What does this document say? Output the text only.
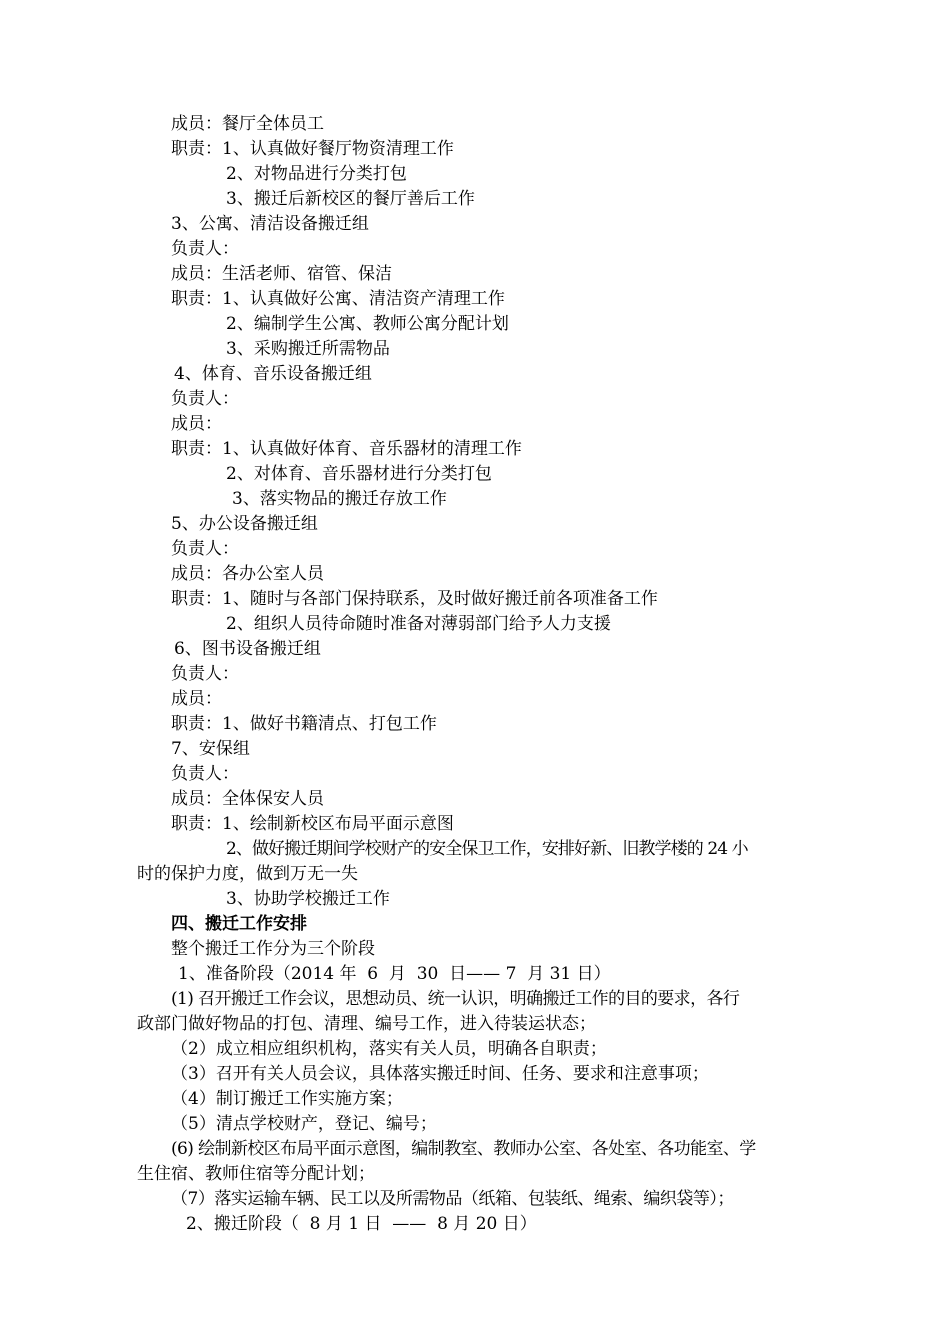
成员：餐厅全体员工
职责：1、认真做好餐厅物资清理工作
2、对物品进行分类打包
3、搬迁后新校区的餐厅善后工作
3、公寓、清洁设备搬迁组
负责人：
成员：生活老师、宿管、保洁
职责：1、认真做好公寓、清洁资产清理工作
2、编制学生公寓、教师公寓分配计划
3、采购搬迁所需物品
4、体育、音乐设备搬迁组
负责人：
成员：
职责：1、认真做好体育、音乐器材的清理工作
2、对体育、音乐器材进行分类打包
3、落实物品的搬迁存放工作
5、办公设备搬迁组
负责人：
成员：各办公室人员
职责：1、随时与各部门保持联系，及时做好搬迁前各项准备工作
2、组织人员待命随时准备对薄弱部门给予人力支援
6、图书设备搬迁组
负责人：
成员：
职责：1、做好书籍清点、打包工作
7、安保组
负责人：
成员：全体保安人员
职责：1、绘制新校区布局平面示意图
2、做好搬迁期间学校财产的安全保卫工作，安排好新、旧教学楼的 24 小
时的保护力度，做到万无一失
3、协助学校搬迁工作
四、搬迁工作安排
整个搬迁工作分为三个阶段
1、准备阶段（2014 年  6  月  30  日—— 7  月 31 日）
(1) 召开搬迁工作会议，思想动员、统一认识，明确搬迁工作的目的要求，各行
政部门做好物品的打包、清理、编号工作，进入待装运状态；
（2）成立相应组织机构，落实有关人员，明确各自职责；
（3）召开有关人员会议，具体落实搬迁时间、任务、要求和注意事项；
（4）制订搬迁工作实施方案；
（5）清点学校财产，登记、编号；
(6) 绘制新校区布局平面示意图，编制教室、教师办公室、各处室、各功能室、学
生住宿、教师住宿等分配计划；
（7）落实运输车辆、民工以及所需物品（纸箱、包装纸、绳索、编织袋等）；
2、搬迁阶段（  8 月 1 日  ——  8 月 20 日）
